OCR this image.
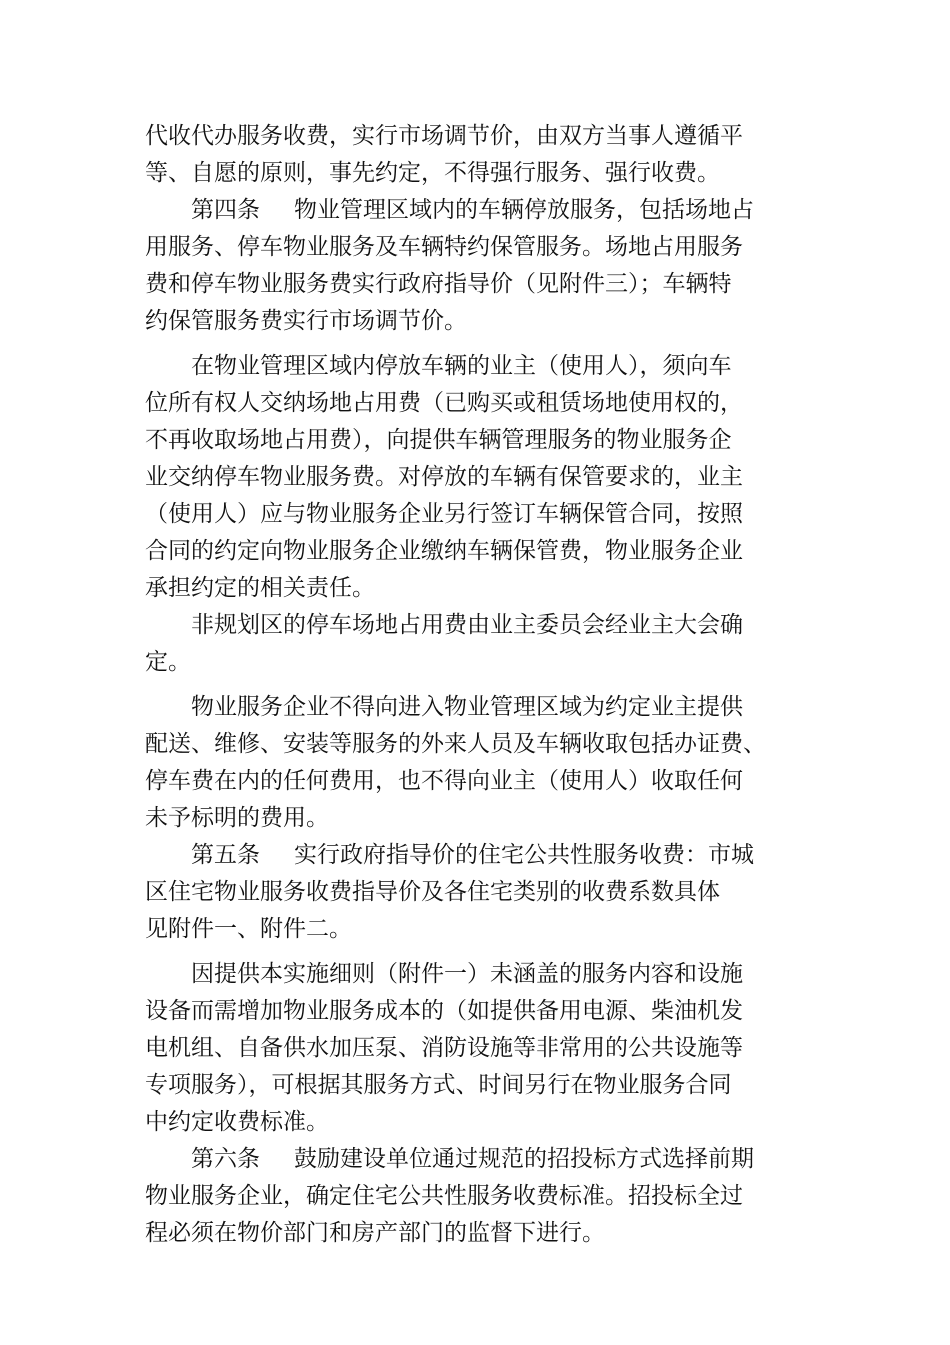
代收代办服务收费，实行市场调节价，由双方当事人遵循平
等、自愿的原则，事先约定，不得强行服务、强行收费。
第四条 物业管理区域内的车辆停放服务，包括场地占
用服务、停车物业服务及车辆特约保管服务。场地占用服务
费和停车物业服务费实行政府指导价（见附件三）；车辆特
约保管服务费实行市场调节价。
在物业管理区域内停放车辆的业主（使用人），须向车
位所有权人交纳场地占用费（已购买或租赁场地使用权的，
不再收取场地占用费），向提供车辆管理服务的物业服务企
业交纳停车物业服务费。对停放的车辆有保管要求的，业主
（使用人）应与物业服务企业另行签订车辆保管合同，按照
合同的约定向物业服务企业缴纳车辆保管费，物业服务企业
承担约定的相关责任。
非规划区的停车场地占用费由业主委员会经业主大会确
定。
物业服务企业不得向进入物业管理区域为约定业主提供
配送、维修、安装等服务的外来人员及车辆收取包括办证费、
停车费在内的任何费用，也不得向业主（使用人）收取任何
未予标明的费用。
第五条 实行政府指导价的住宅公共性服务收费：市城
区住宅物业服务收费指导价及各住宅类别的收费系数具体
见附件一、附件二。
因提供本实施细则（附件一）未涵盖的服务内容和设施
设备而需增加物业服务成本的（如提供备用电源、柴油机发
电机组、自备供水加压泵、消防设施等非常用的公共设施等
专项服务），可根据其服务方式、时间另行在物业服务合同
中约定收费标准。
第六条 鼓励建设单位通过规范的招投标方式选择前期
物业服务企业，确定住宅公共性服务收费标准。招投标全过
程必须在物价部门和房产部门的监督下进行。
